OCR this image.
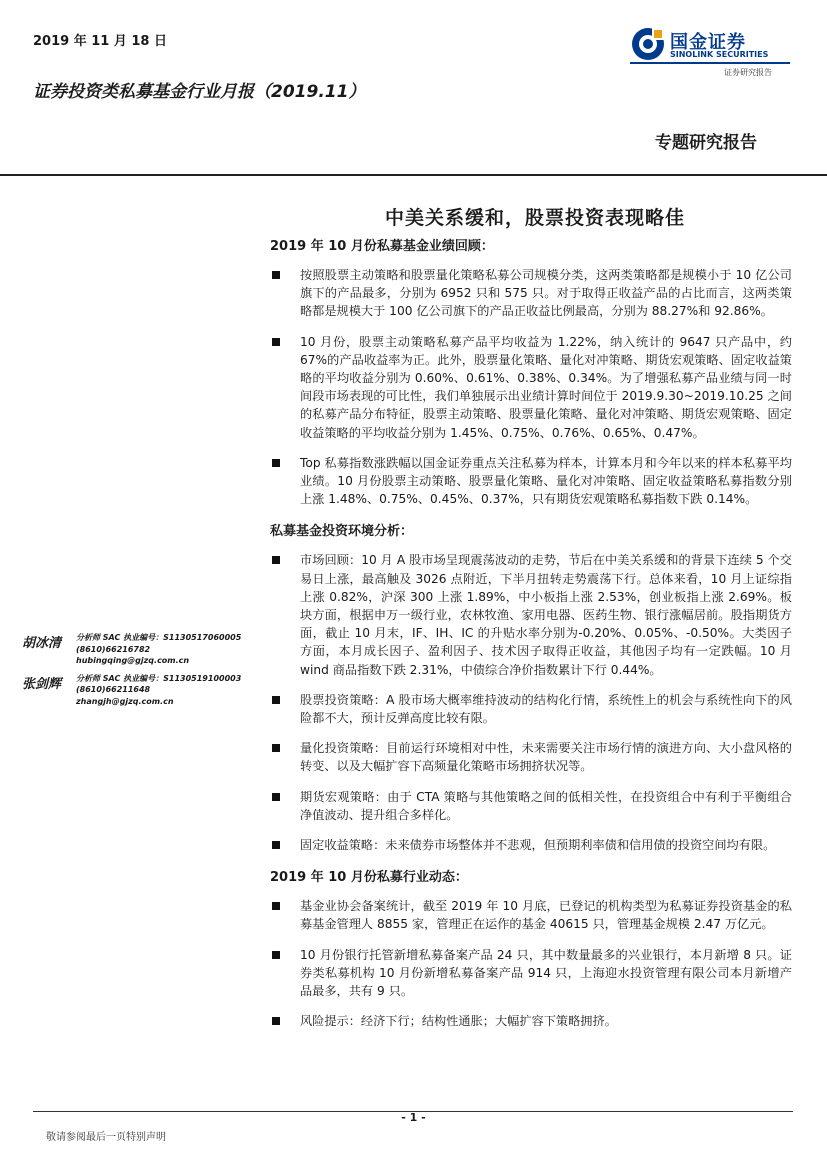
2019 年 11 月 18 日	国金证券
SINOLINK SECURITIES
证券研究报告
证券投资类私募基金行业月报（2019.11）
专题研究报告
中美关系缓和，股票投资表现略佳
2019 年 10 月份私募基金业绩回顾：
按照股票主动策略和股票量化策略私募公司规模分类，这两类策略都是规模小于 10 亿公司旗下的产品最多，分别为 6952 只和 575 只。对于取得正收益产品的占比而言，这两类策略都是规模大于 100 亿公司旗下的产品正收益比例最高，分别为 88.27%和 92.86%。
10 月份，股票主动策略私募产品平均收益为 1.22%，纳入统计的 9647 只产品中，约 67%的产品收益率为正。此外，股票量化策略、量化对冲策略、期货宏观策略、固定收益策略的平均收益分别为 0.60%、0.61%、0.38%、0.34%。为了增强私募产品业绩与同一时间段市场表现的可比性，我们单独展示出业绩计算时间位于 2019.9.30~2019.10.25 之间的私募产品分布特征，股票主动策略、股票量化策略、量化对冲策略、期货宏观策略、固定收益策略的平均收益分别为 1.45%、0.75%、0.76%、0.65%、0.47%。
Top 私募指数涨跌幅以国金证券重点关注私募为样本，计算本月和今年以来的样本私募平均业绩。10 月份股票主动策略、股票量化策略、量化对冲策略、固定收益策略私募指数分别上涨 1.48%、0.75%、0.45%、0.37%，只有期货宏观策略私募指数下跌 0.14%。
私募基金投资环境分析：
市场回顾：10 月 A 股市场呈现震荡波动的走势，节后在中美关系缓和的背景下连续 5 个交易日上涨，最高触及 3026 点附近，下半月扭转走势震荡下行。总体来看，10 月上证综指上涨 0.82%，沪深 300 上涨 1.89%，中小板指上涨 2.53%，创业板指上涨 2.69%。板块方面，根据申万一级行业，农林牧渔、家用电器、医药生物、银行涨幅居前。股指期货方面，截止 10 月末，IF、IH、IC 的升贴水率分别为-0.20%、0.05%、-0.50%。大类因子方面，本月成长因子、盈利因子、技术因子取得正收益，其他因子均有一定跌幅。10 月 wind 商品指数下跌 2.31%，中债综合净价指数累计下行 0.44%。
股票投资策略：A 股市场大概率维持波动的结构化行情，系统性上的机会与系统性向下的风险都不大，预计反弹高度比较有限。
量化投资策略：目前运行环境相对中性，未来需要关注市场行情的演进方向、大小盘风格的转变、以及大幅扩容下高频量化策略市场拥挤状况等。
期货宏观策略：由于 CTA 策略与其他策略之间的低相关性，在投资组合中有利于平衡组合净值波动、提升组合多样化。
固定收益策略：未来债券市场整体并不悲观，但预期利率债和信用债的投资空间均有限。
2019 年 10 月份私募行业动态：
基金业协会备案统计，截至 2019 年 10 月底，已登记的机构类型为私募证券投资基金的私募基金管理人 8855 家，管理正在运作的基金 40615 只，管理基金规模 2.47 万亿元。
10 月份银行托管新增私募备案产品 24 只，其中数量最多的兴业银行，本月新增 8 只。证券类私募机构 10 月份新增私募备案产品 914 只，上海迎水投资管理有限公司本月新增产品最多，共有 9 只。
风险提示：经济下行；结构性通胀；大幅扩容下策略拥挤。
胡冰清 分析师 SAC 执业编号：S1130517060005
(8610)66216782
hubingqing@gjzq.com.cn
张剑辉 分析师 SAC 执业编号：S1130519100003
(8610)66211648
zhangjh@gjzq.com.cn
- 1 -
敬请参阅最后一页特别声明
